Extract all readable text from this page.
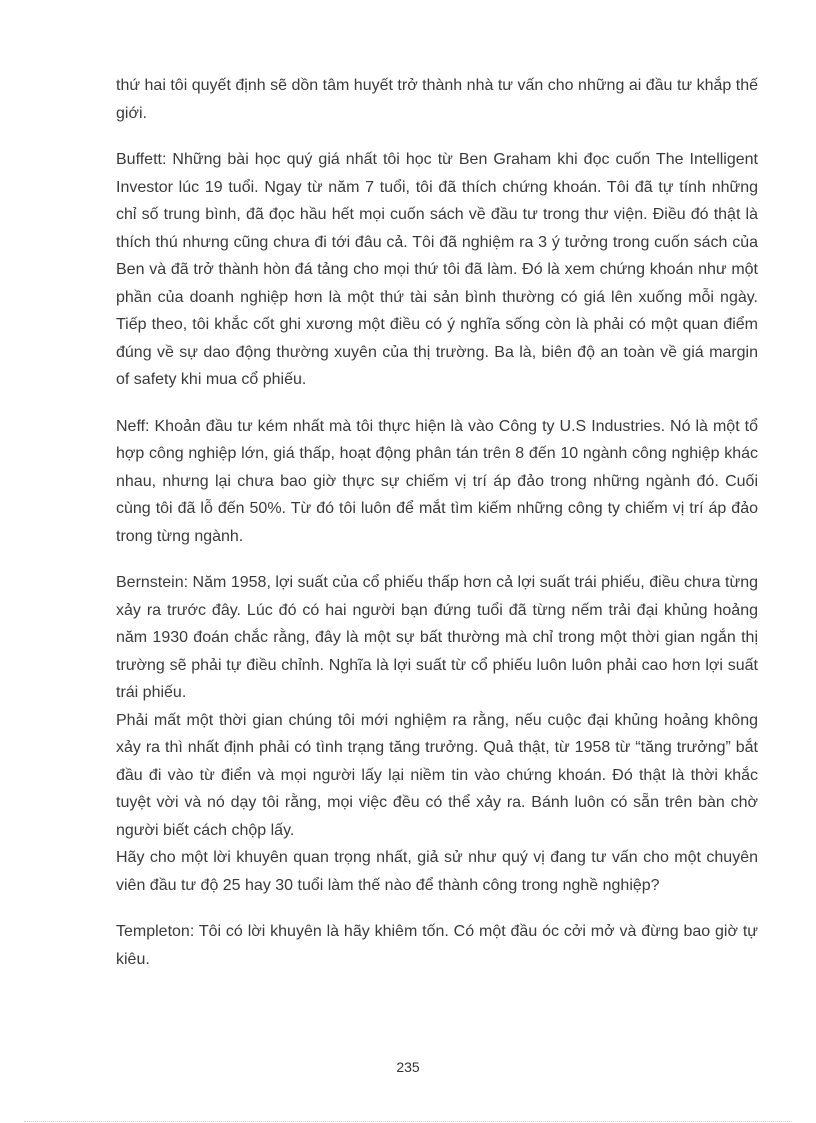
thứ hai tôi quyết định sẽ dồn tâm huyết trở thành nhà tư vấn cho những ai đầu tư khắp thế giới.

Buffett: Những bài học quý giá nhất tôi học từ Ben Graham khi đọc cuốn The Intelligent Investor lúc 19 tuổi. Ngay từ năm 7 tuổi, tôi đã thích chứng khoán. Tôi đã tự tính những chỉ số trung bình, đã đọc hầu hết mọi cuốn sách về đầu tư trong thư viện. Điều đó thật là thích thú nhưng cũng chưa đi tới đâu cả. Tôi đã nghiệm ra 3 ý tưởng trong cuốn sách của Ben và đã trở thành hòn đá tảng cho mọi thứ tôi đã làm. Đó là xem chứng khoán như một phần của doanh nghiệp hơn là một thứ tài sản bình thường có giá lên xuống mỗi ngày. Tiếp theo, tôi khắc cốt ghi xương một điều có ý nghĩa sống còn là phải có một quan điểm đúng về sự dao động thường xuyên của thị trường. Ba là, biên độ an toàn về giá margin of safety khi mua cổ phiếu.

Neff: Khoản đầu tư kém nhất mà tôi thực hiện là vào Công ty U.S Industries. Nó là một tổ hợp công nghiệp lớn, giá thấp, hoạt động phân tán trên 8 đến 10 ngành công nghiệp khác nhau, nhưng lại chưa bao giờ thực sự chiếm vị trí áp đảo trong những ngành đó. Cuối cùng tôi đã lỗ đến 50%. Từ đó tôi luôn để mắt tìm kiếm những công ty chiếm vị trí áp đảo trong từng ngành.

Bernstein: Năm 1958, lợi suất của cổ phiếu thấp hơn cả lợi suất trái phiếu, điều chưa từng xảy ra trước đây. Lúc đó có hai người bạn đứng tuổi đã từng nếm trải đại khủng hoảng năm 1930 đoán chắc rằng, đây là một sự bất thường mà chỉ trong một thời gian ngắn thị trường sẽ phải tự điều chỉnh. Nghĩa là lợi suất từ cổ phiếu luôn luôn phải cao hơn lợi suất trái phiếu.

Phải mất một thời gian chúng tôi mới nghiệm ra rằng, nếu cuộc đại khủng hoảng không xảy ra thì nhất định phải có tình trạng tăng trưởng. Quả thật, từ 1958 từ “tăng trưởng” bắt đầu đi vào từ điển và mọi người lấy lại niềm tin vào chứng khoán. Đó thật là thời khắc tuyệt vời và nó dạy tôi rằng, mọi việc đều có thể xảy ra. Bánh luôn có sẵn trên bàn chờ người biết cách chộp lấy.

Hãy cho một lời khuyên quan trọng nhất, giả sử như quý vị đang tư vấn cho một chuyên viên đầu tư độ 25 hay 30 tuổi làm thế nào để thành công trong nghề nghiệp?

Templeton: Tôi có lời khuyên là hãy khiêm tốn. Có một đầu óc cởi mở và đừng bao giờ tự kiêu.

235
